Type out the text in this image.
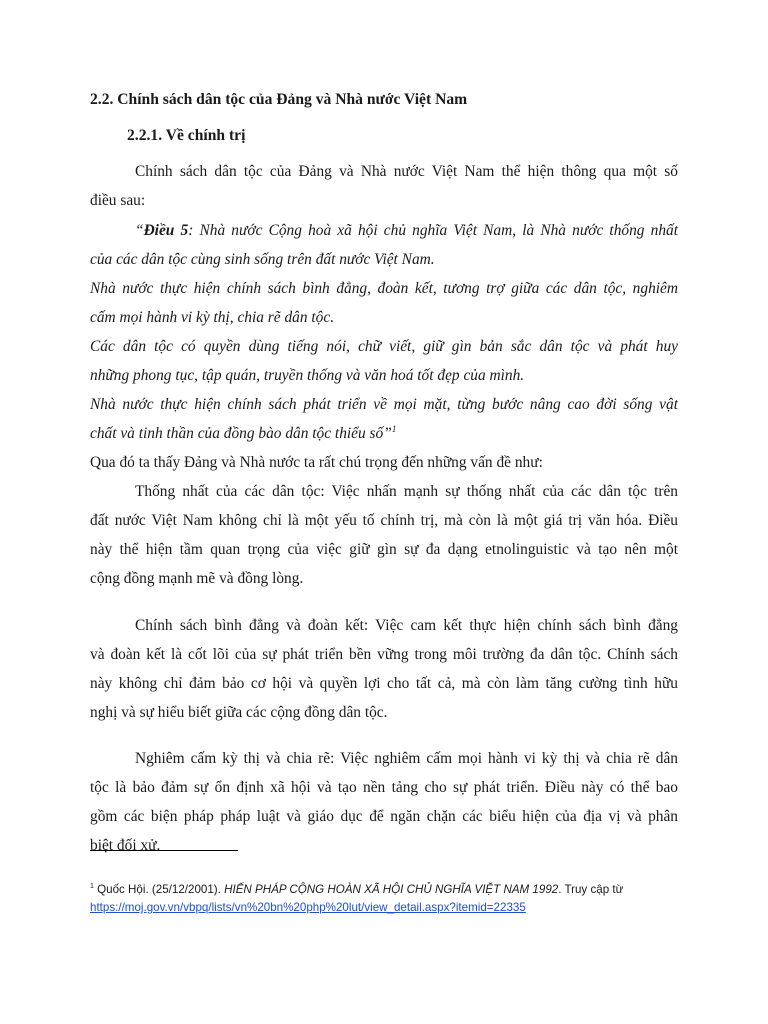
2.2. Chính sách dân tộc của Đảng và Nhà nước Việt Nam
2.2.1. Về chính trị
Chính sách dân tộc của Đảng và Nhà nước Việt Nam thể hiện thông qua một số
điều sau:
“Điều 5: Nhà nước Cộng hoà xã hội chủ nghĩa Việt Nam, là Nhà nước thống nhất
của các dân tộc cùng sinh sống trên đất nước Việt Nam.
Nhà nước thực hiện chính sách bình đẳng, đoàn kết, tương trợ giữa các dân tộc, nghiêm
cấm mọi hành vi kỳ thị, chia rẽ dân tộc.
Các dân tộc có quyền dùng tiếng nói, chữ viết, giữ gìn bản sắc dân tộc và phát huy
những phong tục, tập quán, truyền thống và văn hoá tốt đẹp của mình.
Nhà nước thực hiện chính sách phát triển về mọi mặt, từng bước nâng cao đời sống vật
chất và tinh thần của đồng bào dân tộc thiểu số”$^1$
Qua đó ta thấy Đảng và Nhà nước ta rất chú trọng đến những vấn đề như:
Thống nhất của các dân tộc: Việc nhấn mạnh sự thống nhất của các dân tộc trên
đất nước Việt Nam không chỉ là một yếu tố chính trị, mà còn là một giá trị văn hóa. Điều
này thể hiện tầm quan trọng của việc giữ gìn sự đa dạng etnolinguistic và tạo nên một
cộng đồng mạnh mẽ và đồng lòng.
Chính sách bình đẳng và đoàn kết: Việc cam kết thực hiện chính sách bình đẳng
và đoàn kết là cốt lõi của sự phát triển bền vững trong môi trường đa dân tộc. Chính sách
này không chỉ đảm bảo cơ hội và quyền lợi cho tất cả, mà còn làm tăng cường tình hữu
nghị và sự hiểu biết giữa các cộng đồng dân tộc.
Nghiêm cấm kỳ thị và chia rẽ: Việc nghiêm cấm mọi hành vi kỳ thị và chia rẽ dân
tộc là bảo đảm sự ổn định xã hội và tạo nền tảng cho sự phát triển. Điều này có thể bao
gồm các biện pháp pháp luật và giáo dục để ngăn chặn các biểu hiện của địa vị và phân
biệt đối xử.
$^1$ Quốc Hội. (25/12/2001). HIẾN PHÁP CỘNG HOÀN XÃ HỘI CHỦ NGHĨA VIỆT NAM 1992. Truy cập từ
https://moj.gov.vn/vbpq/lists/vn%20bn%20php%20lut/view_detail.aspx?itemid=22335
